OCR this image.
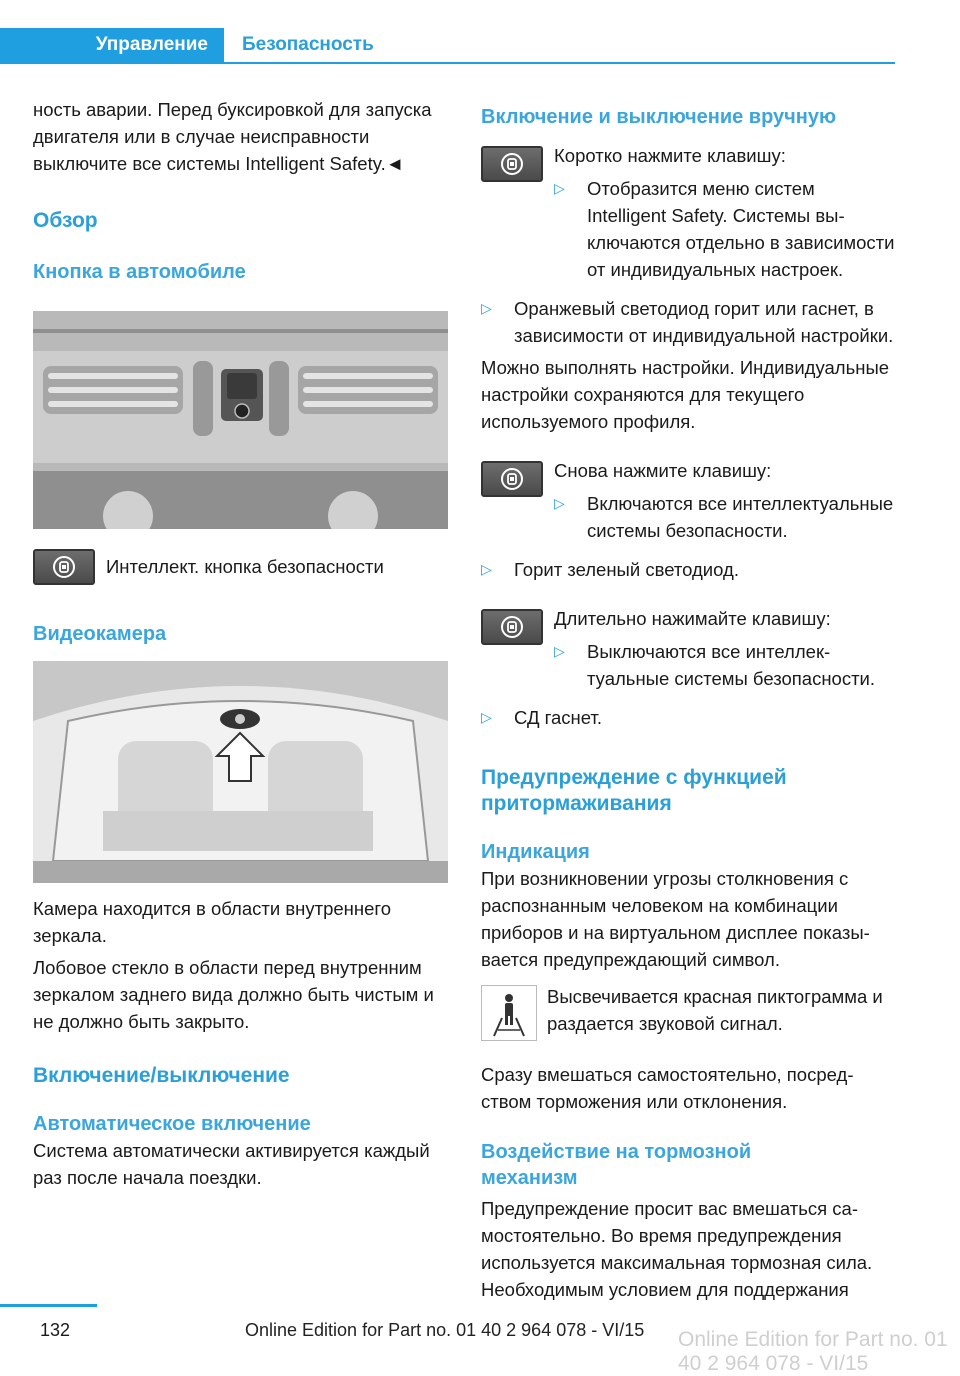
Управление	Безопасность

ность аварии. Перед буксировкой для запуска двигателя или в случае неисправности выключите все системы Intelligent Safety.◄

Обзор
Кнопка в автомобиле

Интеллект. кнопка безопасности

Видеокамера

Камера находится в области внутреннего зеркала.

Лобовое стекло в области перед внутренним зеркалом заднего вида должно быть чистым и не должно быть закрыто.

Включение/выключение
Автоматическое включение

Система автоматически активируется каждый раз после начала поездки.

Включение и выключение вручную

Коротко нажмите клавишу:

▷ Отобразится меню систем Intelligent Safety. Системы выключаются отдельно в зависимости от индивидуальных настроек.
▷ Оранжевый светодиод горит или гаснет, в зависимости от индивидуальной настройки.

Можно выполнять настройки. Индивидуальные настройки сохраняются для текущего используемого профиля.

Снова нажмите клавишу:

▷ Включаются все интеллектуальные системы безопасности.
▷ Горит зеленый светодиод.

Длительно нажимайте клавишу:

▷ Выключаются все интеллектуальные системы безопасности.
▷ СД гаснет.
Предупреждение с функцией притормаживания
Индикация

При возникновении угрозы столкновения с распознанным человеком на комбинации приборов и на виртуальном дисплее показывается предупреждающий символ.

Высвечивается красная пиктограмма и раздается звуковой сигнал.

Сразу вмешаться самостоятельно, посредством торможения или отклонения.

Воздействие на тормозной механизм

Предупреждение просит вас вмешаться самостоятельно. Во время предупреждения используется максимальная тормозная сила. Необходимым условием для поддержания

132	Online Edition for Part no. 01 40 2 964 078 - VI/15 Online Edition for Part no. 01 40 2 964 078 - VI/15
